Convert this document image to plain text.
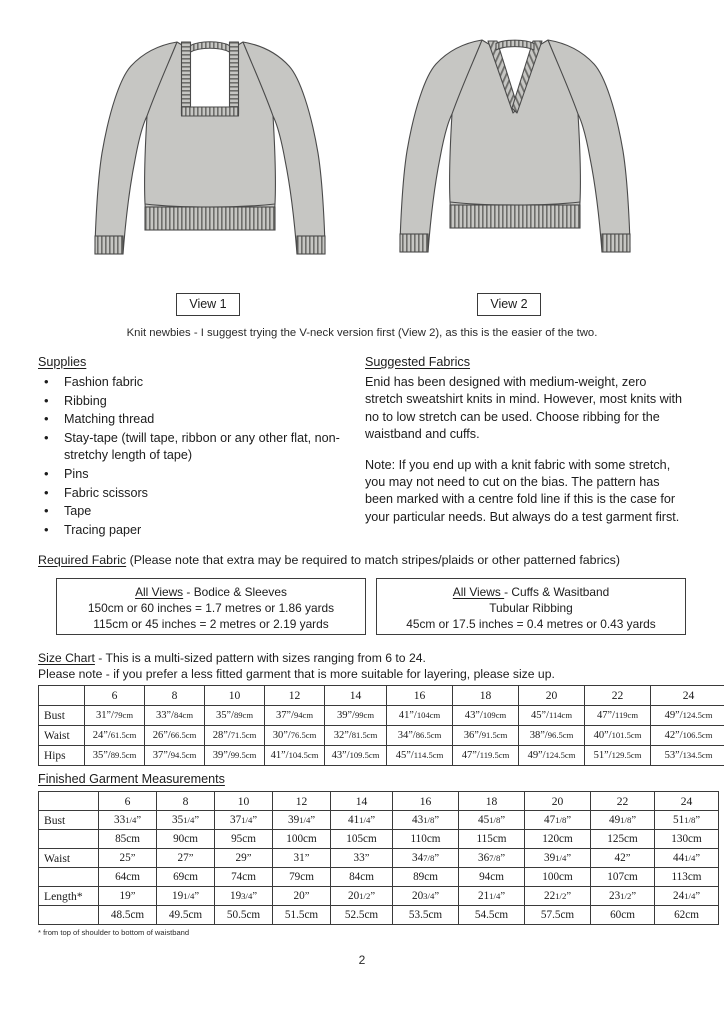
View 1	View 2
Knit newbies - I suggest trying the V-neck version first (View 2), as this is the easier of the two.
Supplies
• Fashion fabric
• Ribbing
• Matching thread
• Stay-tape (twill tape, ribbon or any other flat, non-stretchy length of tape)
• Pins
• Fabric scissors
• Tape
• Tracing paper
Suggested Fabrics

Enid has been designed with medium-weight, zero stretch sweatshirt knits in mind. However, most knits with no to low stretch can be used. Choose ribbing for the waistband and cuffs.

Note: If you end up with a knit fabric with some stretch, you may not need to cut on the bias. The pattern has been marked with a centre fold line if this is the case for your particular needs. But always do a test garment first.

Required Fabric (Please note that extra may be required to match stripes/plaids or other patterned fabrics)
All Views - Bodice & Sleeves
150cm or 60 inches = 1.7 metres or 1.86 yards
115cm or 45 inches = 2 metres or 2.19 yards
All Views - Cuffs & Wasitband
Tubular Ribbing
45cm or 17.5 inches = 0.4 metres or 0.43 yards
Size Chart - This is a multi-sized pattern with sizes ranging from 6 to 24.
Please note - if you prefer a less fitted garment that is more suitable for layering, please size up.
	6	8	10	12	14	16	18	20	22	24
Bust	31”/79cm	33”/84cm	35”/89cm	37”/94cm	39”/99cm	41”/104cm	43”/109cm	45”/114cm	47”/119cm	49”/124.5cm
Waist	24”/61.5cm	26”/66.5cm	28”/71.5cm	30”/76.5cm	32”/81.5cm	34”/86.5cm	36”/91.5cm	38”/96.5cm	40”/101.5cm	42”/106.5cm
Hips	35”/89.5cm	37”/94.5cm	39”/99.5cm	41”/104.5cm	43”/109.5cm	45”/114.5cm	47”/119.5cm	49”/124.5cm	51”/129.5cm	53”/134.5cm
Finished Garment Measurements
	6	8	10	12	14	16	18	20	22	24
Bust	331/4”	351/4”	371/4”	391/4”	411/4”	431/8”	451/8”	471/8”	491/8”	511/8”
	85cm	90cm	95cm	100cm	105cm	110cm	115cm	120cm	125cm	130cm
Waist	25”	27”	29”	31”	33”	347/8”	367/8”	391/4”	42”	441/4”
	64cm	69cm	74cm	79cm	84cm	89cm	94cm	100cm	107cm	113cm
Length*	19”	191/4”	193/4”	20”	201/2”	203/4”	211/4”	221/2”	231/2”	241/4”
	48.5cm	49.5cm	50.5cm	51.5cm	52.5cm	53.5cm	54.5cm	57.5cm	60cm	62cm
* from top of shoulder to bottom of waistband
2
